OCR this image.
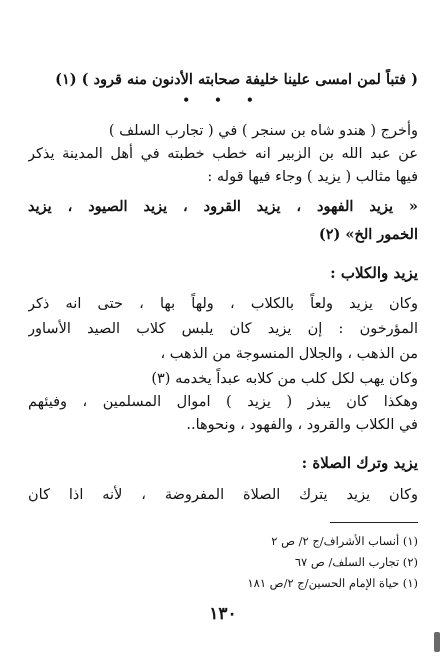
( فتباً لمن امسى علينا خليفة صحابته الأدنون منه قرود ) (١)
• • •
وأخرج ( هندو شاه بن سنجر ) في ( تجارب السلف )
عن عبد الله بن الزبير انه خطب خطبته في أهل المدينة يذكر
فيها مثالب ( يزيد ) وجاء فيها قوله :
« يزيد الفهود ، يزيد القرود ، يزيد الصيود ، يزيد
الخمور الخ» (٢)
يزيد والكلاب :
وكان يزيد ولعاً بالكلاب ، ولهاً بها ، حتى انه ذكر
المؤرخون : إن يزيد كان يلبس كلاب الصيد الأساور
من الذهب ، والجلال المنسوجة من الذهب ،
وكان يهب لكل كلب من كلابه عبداً يخدمه (٣)
وهكذا كان يبذر ( يزيد ) اموال المسلمين ، وفيئهم
في الكلاب والقرود ، والفهود ، ونحوها..
يزيد وترك الصلاة :
وكان يزيد يترك الصلاة المفروضة ، لأنه اذا كان
(١) أنساب الأشراف/ج ٢/ ص ٢
(٢) تجارب السلف/ ص ٦٧
(١) حياة الإمام الحسين/ج ٢/ص ١٨١
١٣٠
